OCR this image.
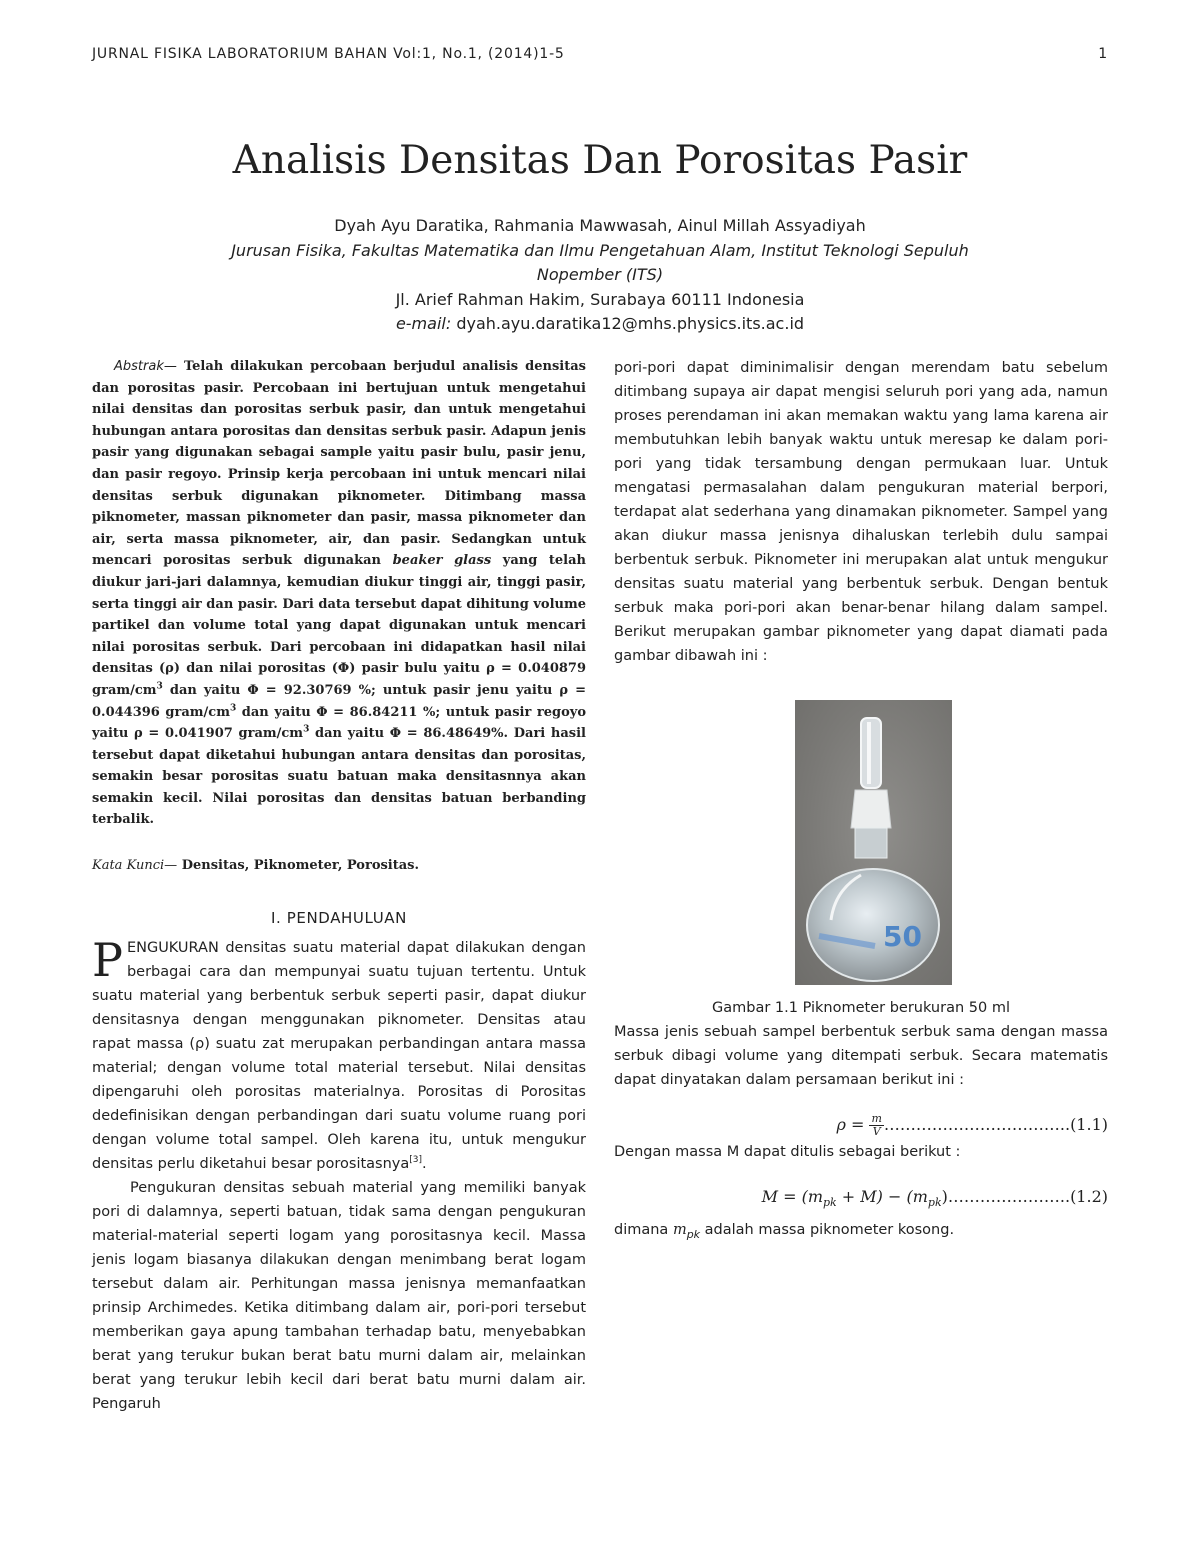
JURNAL FISIKA LABORATORIUM BAHAN Vol:1, No.1, (2014)1-5	1
Analisis Densitas Dan Porositas Pasir
Dyah Ayu Daratika, Rahmania Mawwasah, Ainul Millah Assyadiyah
Jurusan Fisika, Fakultas Matematika dan Ilmu Pengetahuan Alam, Institut Teknologi Sepuluh
Nopember (ITS)
Jl. Arief Rahman Hakim, Surabaya 60111 Indonesia
e-mail: dyah.ayu.daratika12@mhs.physics.its.ac.id

Abstrak— Telah dilakukan percobaan berjudul analisis densitas dan porositas pasir. Percobaan ini bertujuan untuk mengetahui nilai densitas dan porositas serbuk pasir, dan untuk mengetahui hubungan antara porositas dan densitas serbuk pasir. Adapun jenis pasir yang digunakan sebagai sample yaitu pasir bulu, pasir jenu, dan pasir regoyo. Prinsip kerja percobaan ini untuk mencari nilai densitas serbuk digunakan piknometer. Ditimbang massa piknometer, massan piknometer dan pasir, massa piknometer dan air, serta massa piknometer, air, dan pasir. Sedangkan untuk mencari porositas serbuk digunakan beaker glass yang telah diukur jari-jari dalamnya, kemudian diukur tinggi air, tinggi pasir, serta tinggi air dan pasir. Dari data tersebut dapat dihitung volume partikel dan volume total yang dapat digunakan untuk mencari nilai porositas serbuk. Dari percobaan ini didapatkan hasil nilai densitas (ρ) dan nilai porositas (Φ) pasir bulu yaitu ρ = 0.040879 gram/$cm^3$ dan yaitu Φ = 92.30769 %; untuk pasir jenu yaitu ρ = 0.044396 gram/$cm^3$ dan yaitu Φ = 86.84211 %; untuk pasir regoyo yaitu ρ = 0.041907 gram/$cm^3$ dan yaitu Φ = 86.48649%. Dari hasil tersebut dapat diketahui hubungan antara densitas dan porositas, semakin besar porositas suatu batuan maka densitasnnya akan semakin kecil. Nilai porositas dan densitas batuan berbanding terbalik.

Kata Kunci— Densitas, Piknometer, Porositas.

I. PENDAHULUAN

PENGUKURAN densitas suatu material dapat dilakukan dengan berbagai cara dan mempunyai suatu tujuan tertentu. Untuk suatu material yang berbentuk serbuk seperti pasir, dapat diukur densitasnya dengan menggunakan piknometer. Densitas atau rapat massa (ρ) suatu zat merupakan perbandingan antara massa material; dengan volume total material tersebut. Nilai densitas dipengaruhi oleh porositas materialnya. Porositas di Porositas dedefinisikan dengan perbandingan dari suatu volume ruang pori dengan volume total sampel. Oleh karena itu, untuk mengukur densitas perlu diketahui besar porositasnya[3].

Pengukuran densitas sebuah material yang memiliki banyak pori di dalamnya, seperti batuan, tidak sama dengan pengukuran material-material seperti logam yang porositasnya kecil. Massa jenis logam biasanya dilakukan dengan menimbang berat logam tersebut dalam air. Perhitungan massa jenisnya memanfaatkan prinsip Archimedes. Ketika ditimbang dalam air, pori-pori tersebut memberikan gaya apung tambahan terhadap batu, menyebabkan berat yang terukur bukan berat batu murni dalam air, melainkan berat yang terukur lebih kecil dari berat batu murni dalam air. Pengaruh

pori-pori dapat diminimalisir dengan merendam batu sebelum ditimbang supaya air dapat mengisi seluruh pori yang ada, namun proses perendaman ini akan memakan waktu yang lama karena air membutuhkan lebih banyak waktu untuk meresap ke dalam pori-pori yang tidak tersambung dengan permukaan luar. Untuk mengatasi permasalahan dalam pengukuran material berpori, terdapat alat sederhana yang dinamakan piknometer. Sampel yang akan diukur massa jenisnya dihaluskan terlebih dulu sampai berbentuk serbuk. Piknometer ini merupakan alat untuk mengukur densitas suatu material yang berbentuk serbuk. Dengan bentuk serbuk maka pori-pori akan benar-benar hilang dalam sampel. Berikut merupakan gambar piknometer yang dapat diamati pada gambar dibawah ini :

50
Gambar 1.1 Piknometer berukuran 50 ml

Massa jenis sebuah sampel berbentuk serbuk sama dengan massa serbuk dibagi volume yang ditempati serbuk. Secara matematis dapat dinyatakan dalam persamaan berikut ini :

$\rho = \frac{m}{V}$ ……………………………..(1.1)

Dengan massa M dapat ditulis sebagai berikut :

$M = (m_{pk} + M)$ − $(m_{pk})\dots\dots\dots\dots\dots\dots\dots..(1.2)$

dimana $m_{pk}$ adalah massa piknometer kosong.
